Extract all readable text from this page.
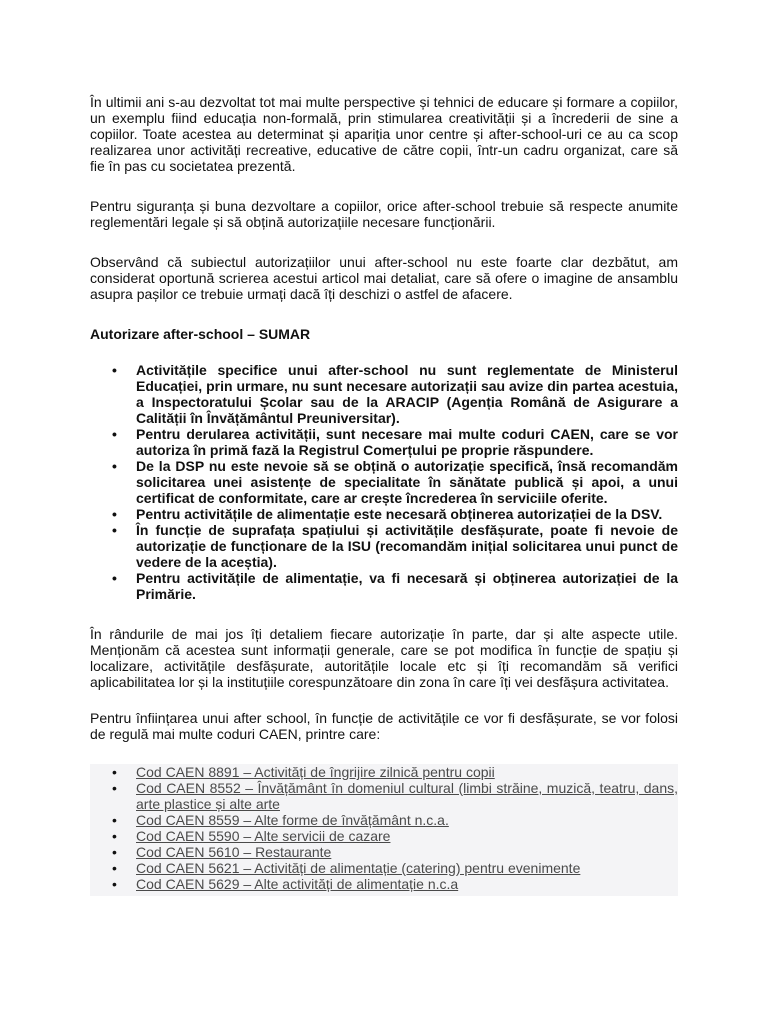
În ultimii ani s-au dezvoltat tot mai multe perspective și tehnici de educare și formare a copiilor, un exemplu fiind educația non-formală, prin stimularea creativității și a încrederii de sine a copiilor. Toate acestea au determinat și apariția unor centre și after-school-uri ce au ca scop realizarea unor activități recreative, educative de către copii, într-un cadru organizat, care să fie în pas cu societatea prezentă.

Pentru siguranța și buna dezvoltare a copiilor, orice after-school trebuie să respecte anumite reglementări legale și să obțină autorizațiile necesare funcționării.

Observând că subiectul autorizațiilor unui after-school nu este foarte clar dezbătut, am considerat oportună scrierea acestui articol mai detaliat, care să ofere o imagine de ansamblu asupra pașilor ce trebuie urmați dacă îți deschizi o astfel de afacere.

Autorizare after-school – SUMAR

• Activitățile specifice unui after-school nu sunt reglementate de Ministerul Educației, prin urmare, nu sunt necesare autorizații sau avize din partea acestuia, a Inspectoratului Școlar sau de la ARACIP (Agenția Română de Asigurare a Calității în Învățământul Preuniversitar).
• Pentru derularea activității, sunt necesare mai multe coduri CAEN, care se vor autoriza în primă fază la Registrul Comerțului pe proprie răspundere.
• De la DSP nu este nevoie să se obțină o autorizație specifică, însă recomandăm solicitarea unei asistențe de specialitate în sănătate publică și apoi, a unui certificat de conformitate, care ar crește încrederea în serviciile oferite.
• Pentru activitățile de alimentație este necesară obținerea autorizației de la DSV.
• În funcție de suprafața spațiului și activitățile desfășurate, poate fi nevoie de autorizație de funcționare de la ISU (recomandăm inițial solicitarea unui punct de vedere de la aceștia).
• Pentru activitățile de alimentație, va fi necesară și obținerea autorizației de la Primărie.

În rândurile de mai jos îți detaliem fiecare autorizație în parte, dar și alte aspecte utile. Menționăm că acestea sunt informații generale, care se pot modifica în funcție de spațiu și localizare, activitățile desfășurate, autoritățile locale etc și îți recomandăm să verifici aplicabilitatea lor și la instituțiile corespunzătoare din zona în care îți vei desfășura activitatea.

Pentru înființarea unui after school, în funcție de activitățile ce vor fi desfășurate, se vor folosi de regulă mai multe coduri CAEN, printre care:

• Cod CAEN 8891 – Activități de îngrijire zilnică pentru copii
• Cod CAEN 8552 – Învățământ în domeniul cultural (limbi străine, muzică, teatru, dans, arte plastice și alte arte
• Cod CAEN 8559 – Alte forme de învățământ n.c.a.
• Cod CAEN 5590 – Alte servicii de cazare
• Cod CAEN 5610 – Restaurante
• Cod CAEN 5621 – Activități de alimentație (catering) pentru evenimente
• Cod CAEN 5629 – Alte activități de alimentație n.c.a
